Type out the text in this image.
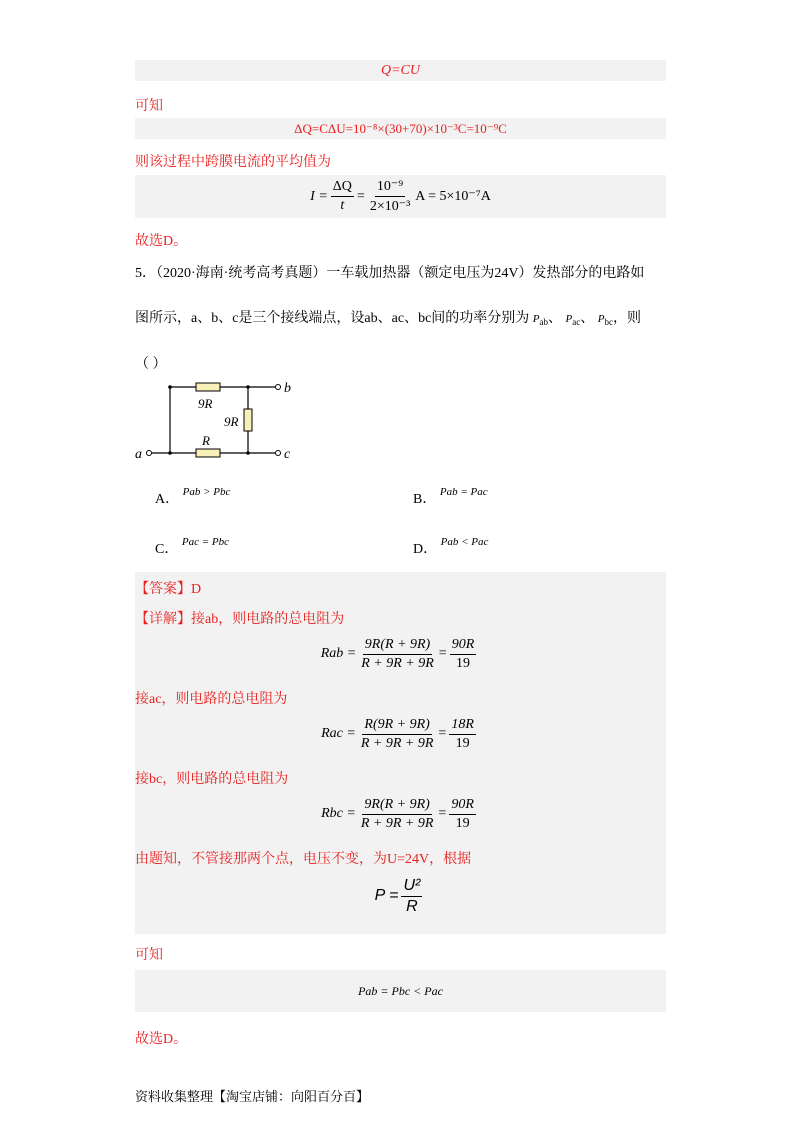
Q=CU
可知
ΔQ=CΔU=10⁻⁸×(30+70)×10⁻³C=10⁻⁹C
则该过程中跨膜电流的平均值为
$I = \frac{\Delta Q}{t} = \frac{\text{10⁻⁹}}{\text{2×10⁻³}}$ A = 5×10⁻⁷A
故选D。
5．（2020·海南·统考高考真题）一车载加热器（额定电压为24V）发热部分的电路如
图所示，a、b、c是三个接线端点，设ab、ac、bc间的功率分别为 $P_{ab}$、 $P_{ac}$、 $P_{bc}$，则
（ ）
9R
9R
R
b
c
a
A． Pab > Pbc	B． Pab = Pac
C． Pac = Pbc	D． Pab < Pac
【答案】D
【详解】接ab，则电路的总电阻为
Rab = $\frac{9R(R + 9R)}{R + 9R + 9R} = \frac{90R}{19}$
接ac，则电路的总电阻为
Rac = $\frac{R(9R + 9R)}{R + 9R + 9R} = \frac{18R}{19}$
接bc，则电路的总电阻为
Rbc = $\frac{9R(R + 9R)}{R + 9R + 9R} = \frac{90R}{19}$
由题知，不管接那两个点，电压不变，为U=24V，根据
$P = \frac{\text{U²}}{R}$
可知
Pab = Pbc < Pac
故选D。
资料收集整理【淘宝店铺：向阳百分百】
